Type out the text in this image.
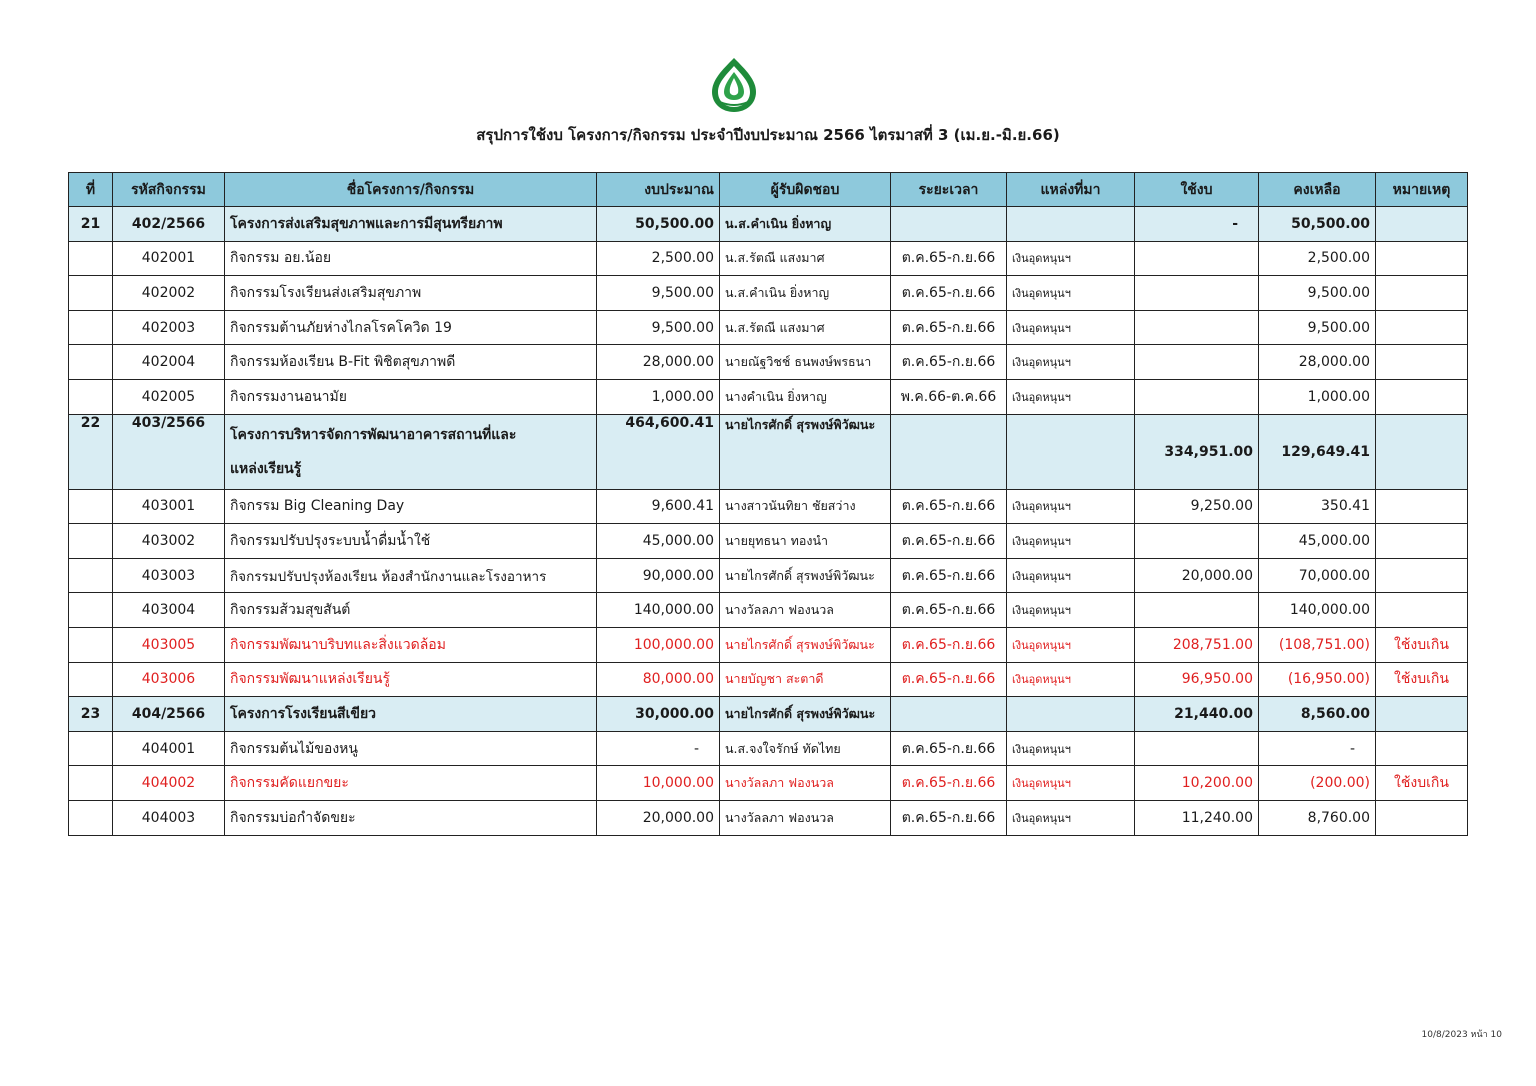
สรุปการใช้งบ โครงการ/กิจกรรม ประจำปีงบประมาณ 2566 ไตรมาสที่ 3 (เม.ย.-มิ.ย.66)
ที่	รหัสกิจกรรม	ชื่อโครงการ/กิจกรรม	งบประมาณ	ผู้รับผิดชอบ	ระยะเวลา	แหล่งที่มา	ใช้งบ	คงเหลือ	หมายเหตุ
21	402/2566	โครงการส่งเสริมสุขภาพและการมีสุนทรียภาพ	50,500.00	น.ส.คำเนิน ยิ่งหาญ			-	50,500.00	
	402001	กิจกรรม อย.น้อย	2,500.00	น.ส.รัตณี แสงมาศ	ต.ค.65-ก.ย.66	เงินอุดหนุนฯ		2,500.00	
	402002	กิจกรรมโรงเรียนส่งเสริมสุขภาพ	9,500.00	น.ส.คำเนิน ยิ่งหาญ	ต.ค.65-ก.ย.66	เงินอุดหนุนฯ		9,500.00	
	402003	กิจกรรมต้านภัยห่างไกลโรคโควิด 19	9,500.00	น.ส.รัตณี แสงมาศ	ต.ค.65-ก.ย.66	เงินอุดหนุนฯ		9,500.00	
	402004	กิจกรรมห้องเรียน B-Fit พิชิตสุขภาพดี	28,000.00	นายณัฐวิชช์ ธนพงษ์พรธนา	ต.ค.65-ก.ย.66	เงินอุดหนุนฯ		28,000.00	
	402005	กิจกรรมงานอนามัย	1,000.00	นางคำเนิน ยิ่งหาญ	พ.ค.66-ต.ค.66	เงินอุดหนุนฯ		1,000.00	
22	403/2566	โครงการบริหารจัดการพัฒนาอาคารสถานที่และ
แหล่งเรียนรู้	464,600.41	นายไกรศักดิ์ สุรพงษ์พิวัฒนะ			334,951.00	129,649.41	
	403001	กิจกรรม Big Cleaning Day	9,600.41	นางสาวนันทิยา ชัยสว่าง	ต.ค.65-ก.ย.66	เงินอุดหนุนฯ	9,250.00	350.41	
	403002	กิจกรรมปรับปรุงระบบน้ำดื่มน้ำใช้	45,000.00	นายยุทธนา ทองนำ	ต.ค.65-ก.ย.66	เงินอุดหนุนฯ		45,000.00	
	403003	กิจกรรมปรับปรุงห้องเรียน ห้องสำนักงานและโรงอาหาร	90,000.00	นายไกรศักดิ์ สุรพงษ์พิวัฒนะ	ต.ค.65-ก.ย.66	เงินอุดหนุนฯ	20,000.00	70,000.00	
	403004	กิจกรรมส้วมสุขสันต์	140,000.00	นางวัลลภา ฟองนวล	ต.ค.65-ก.ย.66	เงินอุดหนุนฯ		140,000.00	
	403005	กิจกรรมพัฒนาบริบทและสิ่งแวดล้อม	100,000.00	นายไกรศักดิ์ สุรพงษ์พิวัฒนะ	ต.ค.65-ก.ย.66	เงินอุดหนุนฯ	208,751.00	(108,751.00)	ใช้งบเกิน
	403006	กิจกรรมพัฒนาแหล่งเรียนรู้	80,000.00	นายบัญชา สะตาดี	ต.ค.65-ก.ย.66	เงินอุดหนุนฯ	96,950.00	(16,950.00)	ใช้งบเกิน
23	404/2566	โครงการโรงเรียนสีเขียว	30,000.00	นายไกรศักดิ์ สุรพงษ์พิวัฒนะ			21,440.00	8,560.00	
	404001	กิจกรรมต้นไม้ของหนู	-	น.ส.จงใจรักษ์ ทัดไทย	ต.ค.65-ก.ย.66	เงินอุดหนุนฯ		-	
	404002	กิจกรรมคัดแยกขยะ	10,000.00	นางวัลลภา ฟองนวล	ต.ค.65-ก.ย.66	เงินอุดหนุนฯ	10,200.00	(200.00)	ใช้งบเกิน
	404003	กิจกรรมบ่อกำจัดขยะ	20,000.00	นางวัลลภา ฟองนวล	ต.ค.65-ก.ย.66	เงินอุดหนุนฯ	11,240.00	8,760.00	
10/8/2023 หน้า 10
